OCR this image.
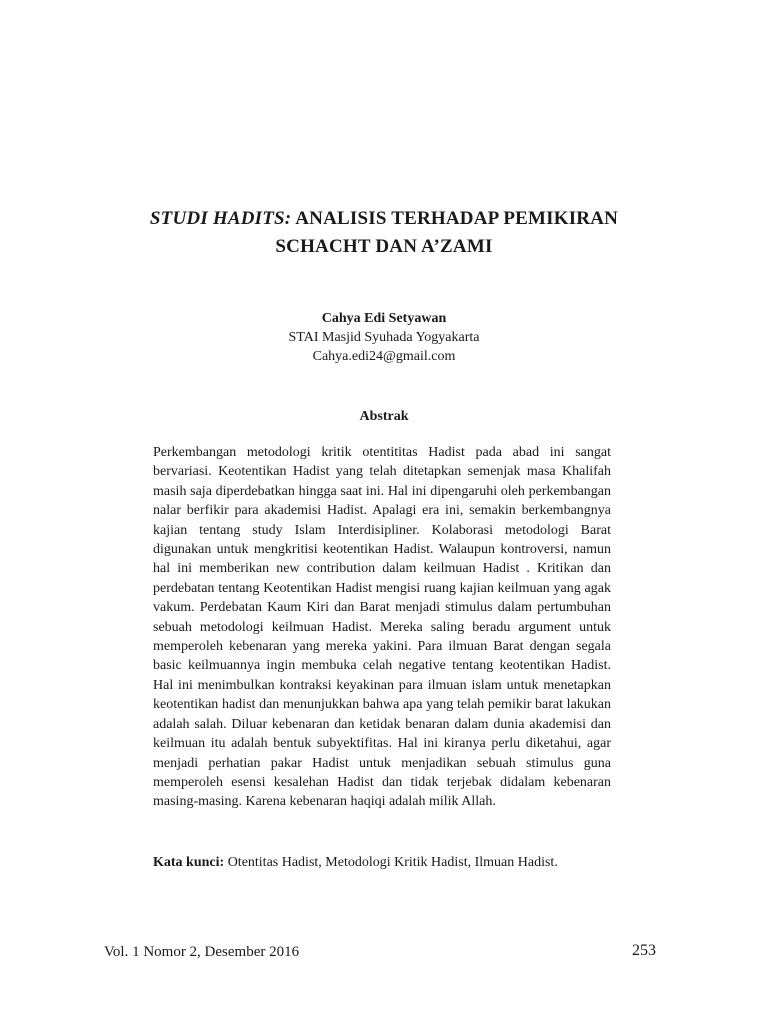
STUDI HADITS: ANALISIS TERHADAP PEMIKIRAN SCHACHT DAN A’ZAMI
Cahya Edi Setyawan
STAI Masjid Syuhada Yogyakarta
Cahya.edi24@gmail.com
Abstrak

Perkembangan metodologi kritik otentititas Hadist pada abad ini sangat bervariasi. Keotentikan Hadist yang telah ditetapkan semenjak masa Khalifah masih saja diperdebatkan hingga saat ini. Hal ini dipengaruhi oleh perkembangan nalar berfikir para akademisi Hadist. Apalagi era ini, semakin berkembangnya kajian tentang study Islam Interdisipliner. Kolaborasi metodologi Barat digunakan untuk mengkritisi keotentikan Hadist. Walaupun kontroversi, namun hal ini memberikan new contribution dalam keilmuan Hadist . Kritikan dan perdebatan tentang Keotentikan Hadist mengisi ruang kajian keilmuan yang agak vakum. Perdebatan Kaum Kiri dan Barat menjadi stimulus dalam pertumbuhan sebuah metodologi keilmuan Hadist. Mereka saling beradu argument untuk memperoleh kebenaran yang mereka yakini. Para ilmuan Barat dengan segala basic keilmuannya ingin membuka celah negative tentang keotentikan Hadist. Hal ini menimbulkan kontraksi keyakinan para ilmuan islam untuk menetapkan keotentikan hadist dan menunjukkan bahwa apa yang telah pemikir barat lakukan adalah salah. Diluar kebenaran dan ketidak benaran dalam dunia akademisi dan keilmuan itu adalah bentuk subyektifitas. Hal ini kiranya perlu diketahui, agar menjadi perhatian pakar Hadist untuk menjadikan sebuah stimulus guna memperoleh esensi kesalehan Hadist dan tidak terjebak didalam kebenaran masing-masing. Karena kebenaran haqiqi adalah milik Allah.

Kata kunci: Otentitas Hadist, Metodologi Kritik Hadist, Ilmuan Hadist.

Vol. 1 Nomor 2, Desember 2016	253
